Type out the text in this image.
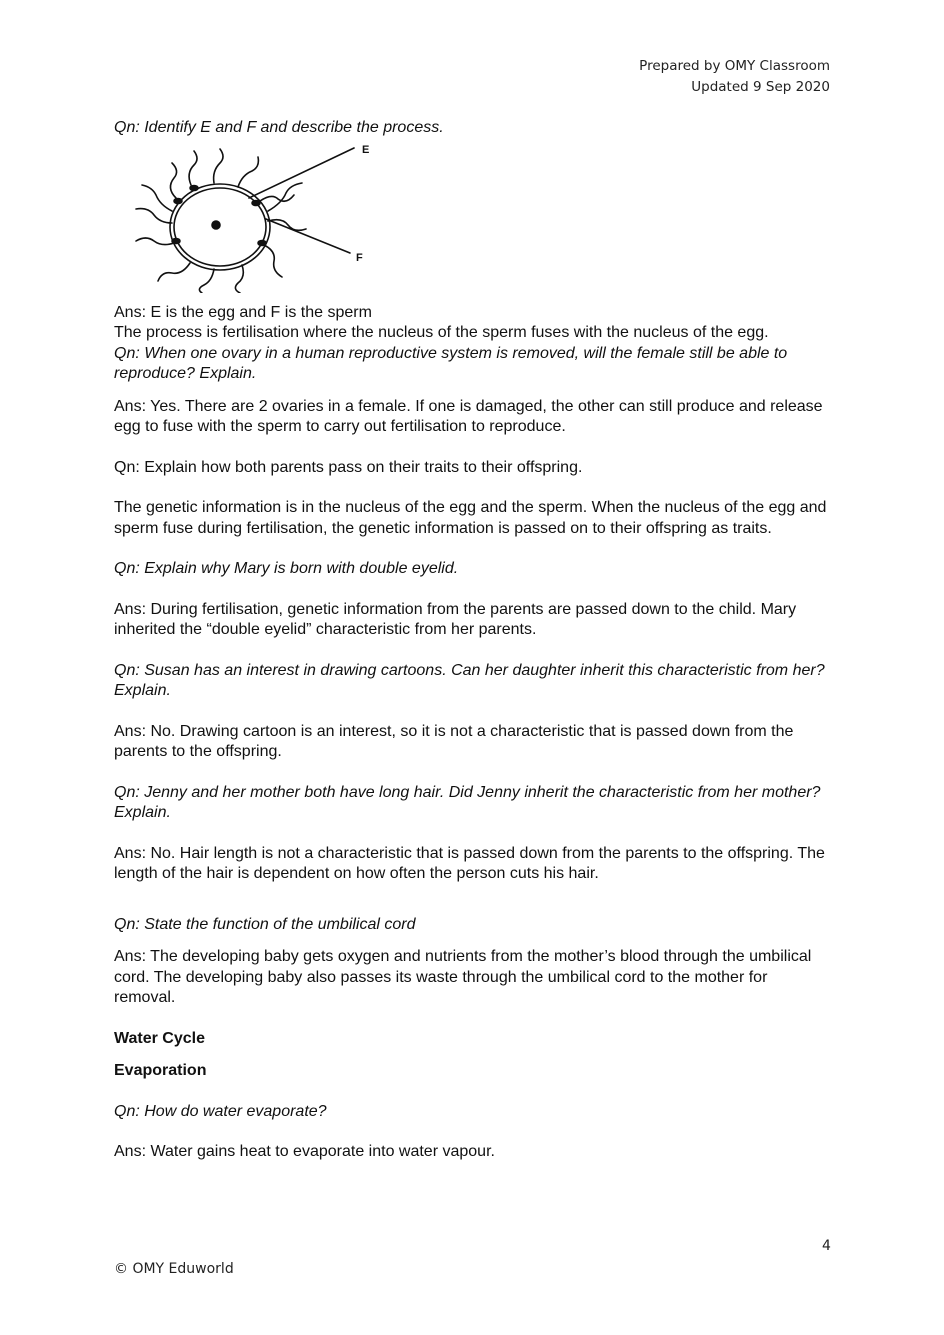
Prepared by OMY Classroom
Updated 9 Sep 2020

Qn: Identify E and F and describe the process.

E
F

Ans: E is the egg and F is the sperm

The process is fertilisation where the nucleus of the sperm fuses with the nucleus of the egg.

Qn: When one ovary in a human reproductive system is removed, will the female still be able to reproduce? Explain.

Ans: Yes. There are 2 ovaries in a female. If one is damaged, the other can still produce and release egg to fuse with the sperm to carry out fertilisation to reproduce.

Qn: Explain how both parents pass on their traits to their offspring.

The genetic information is in the nucleus of the egg and the sperm. When the nucleus of the egg and sperm fuse during fertilisation, the genetic information is passed on to their offspring as traits.

Qn: Explain why Mary is born with double eyelid.

Ans: During fertilisation, genetic information from the parents are passed down to the child. Mary inherited the “double eyelid” characteristic from her parents.

Qn: Susan has an interest in drawing cartoons. Can her daughter inherit this characteristic from her? Explain.

Ans: No. Drawing cartoon is an interest, so it is not a characteristic that is passed down from the parents to the offspring.

Qn: Jenny and her mother both have long hair. Did Jenny inherit the characteristic from her mother? Explain.

Ans: No. Hair length is not a characteristic that is passed down from the parents to the offspring. The length of the hair is dependent on how often the person cuts his hair.

Qn: State the function of the umbilical cord

Ans: The developing baby gets oxygen and nutrients from the mother’s blood through the umbilical cord. The developing baby also passes its waste through the umbilical cord to the mother for removal.

Water Cycle

Evaporation

Qn: How do water evaporate?

Ans: Water gains heat to evaporate into water vapour.

4
© OMY Eduworld
